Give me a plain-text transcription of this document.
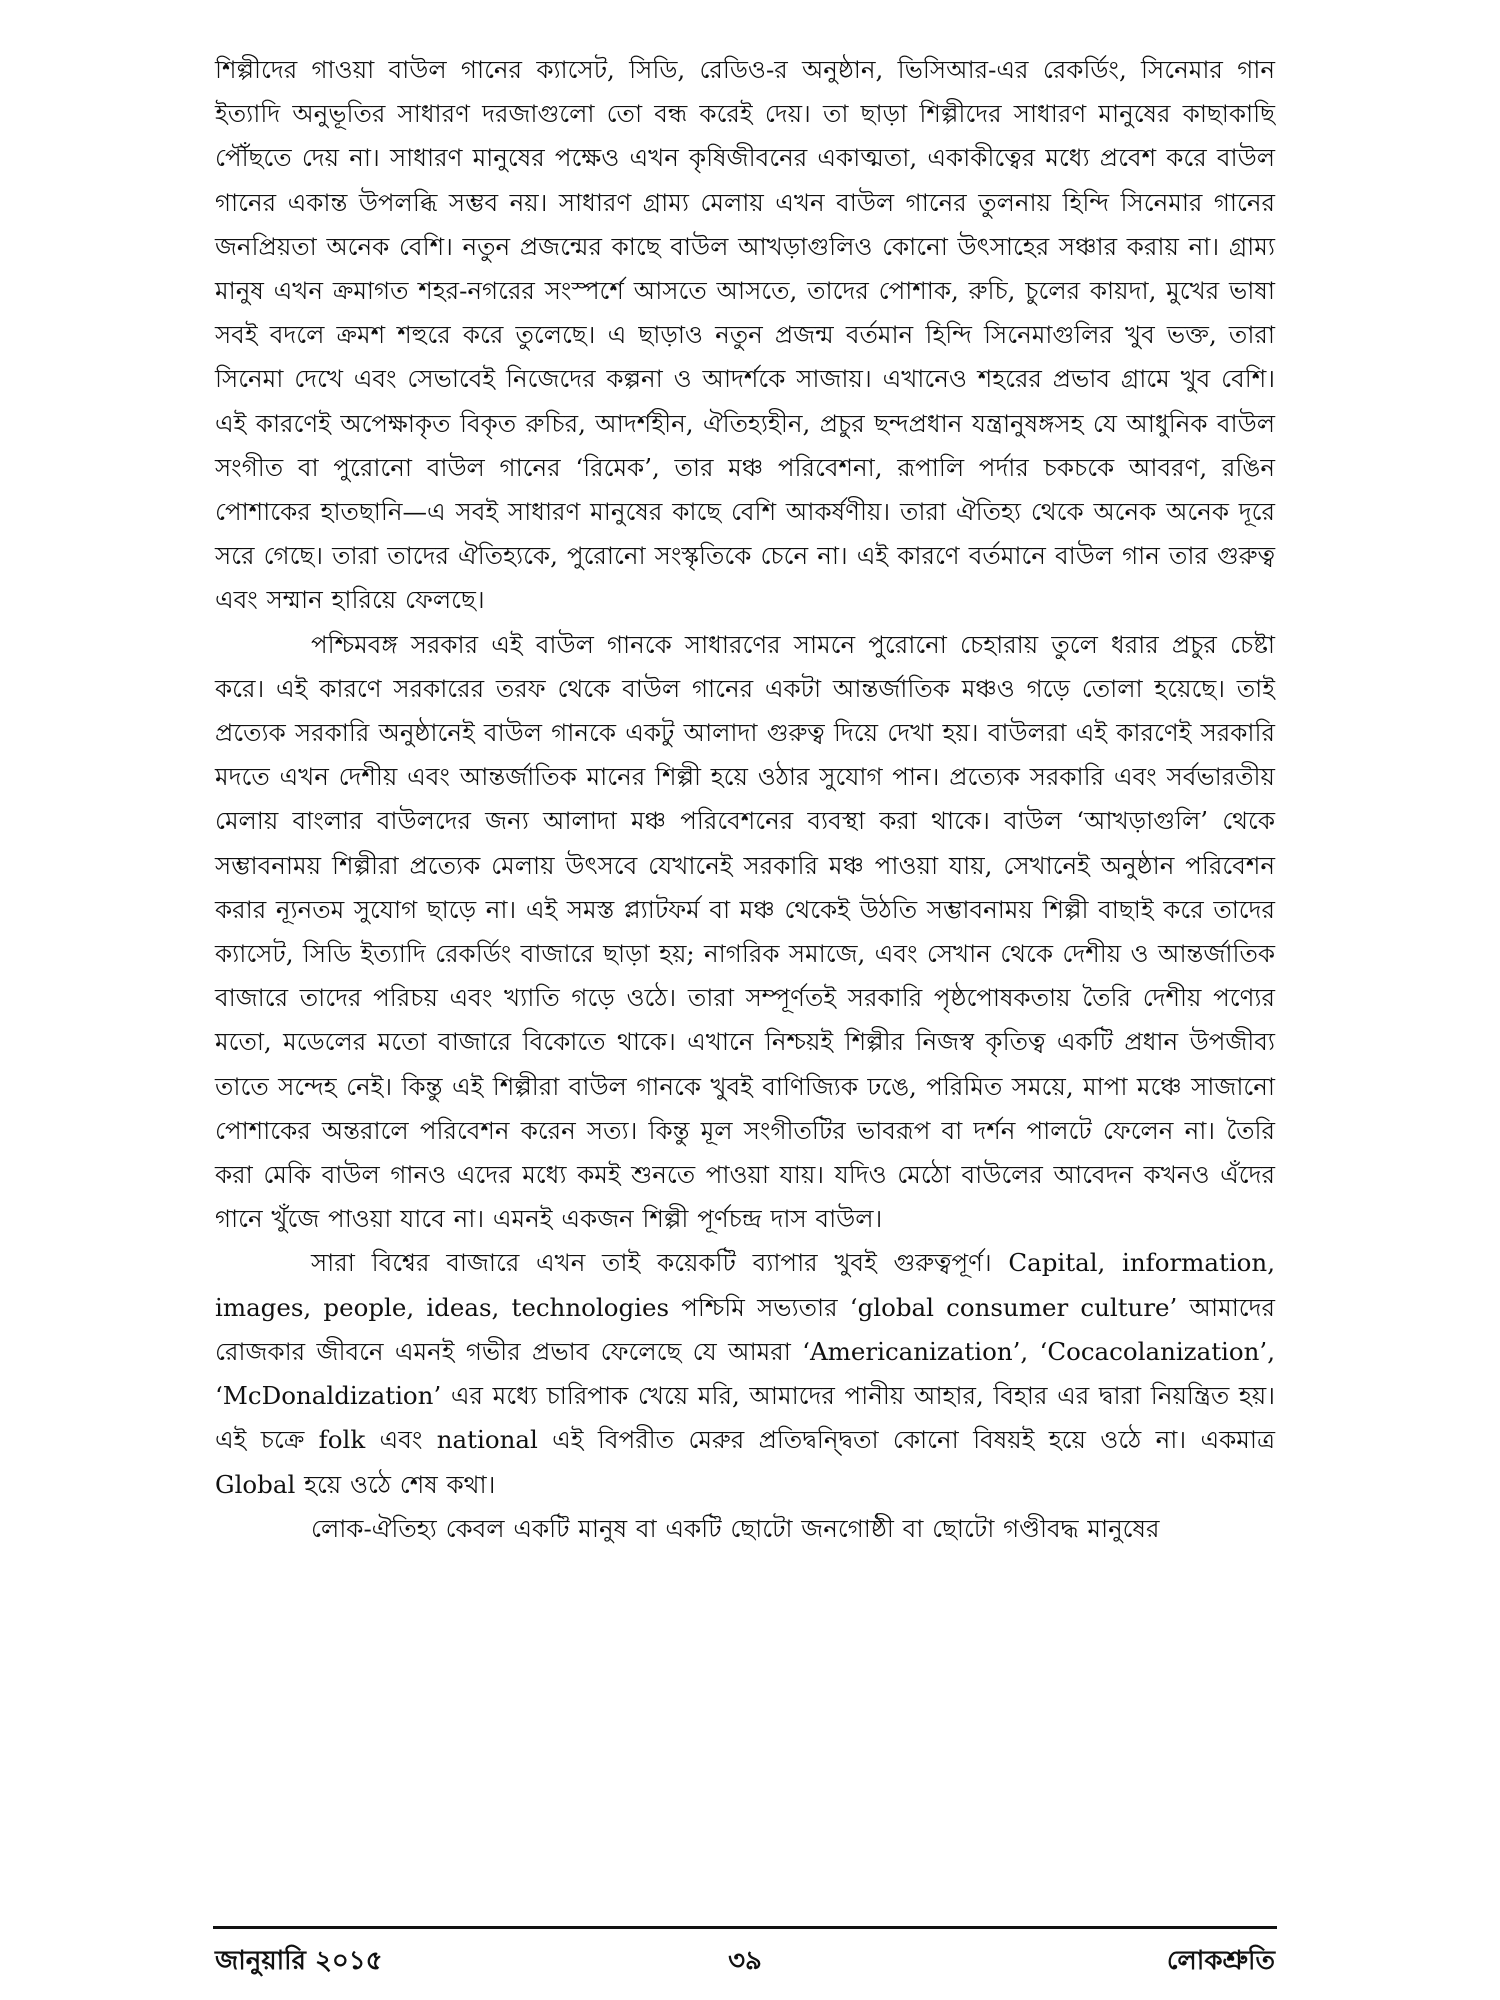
শিল্পীদের গাওয়া বাউল গানের ক্যাসেট, সিডি, রেডিও-র অনুষ্ঠান, ভিসিআর-এর রেকর্ডিং, সিনেমার গান ইত্যাদি অনুভূতির সাধারণ দরজাগুলো তো বন্ধ করেই দেয়। তা ছাড়া শিল্পীদের সাধারণ মানুষের কাছাকাছি পৌঁছতে দেয় না। সাধারণ মানুষের পক্ষেও এখন কৃষিজীবনের একাত্মতা, একাকীত্বের মধ্যে প্রবেশ করে বাউল গানের একান্ত উপলব্ধি সম্ভব নয়। সাধারণ গ্রাম্য মেলায় এখন বাউল গানের তুলনায় হিন্দি সিনেমার গানের জনপ্রিয়তা অনেক বেশি। নতুন প্রজন্মের কাছে বাউল আখড়াগুলিও কোনো উৎসাহের সঞ্চার করায় না। গ্রাম্য মানুষ এখন ক্রমাগত শহর-নগরের সংস্পর্শে আসতে আসতে, তাদের পোশাক, রুচি, চুলের কায়দা, মুখের ভাষা সবই বদলে ক্রমশ শহুরে করে তুলেছে। এ ছাড়াও নতুন প্রজন্ম বর্তমান হিন্দি সিনেমাগুলির খুব ভক্ত, তারা সিনেমা দেখে এবং সেভাবেই নিজেদের কল্পনা ও আদর্শকে সাজায়। এখানেও শহরের প্রভাব গ্রামে খুব বেশি। এই কারণেই অপেক্ষাকৃত বিকৃত রুচির, আদর্শহীন, ঐতিহ্যহীন, প্রচুর ছন্দপ্রধান যন্ত্রানুষঙ্গসহ যে আধুনিক বাউল সংগীত বা পুরোনো বাউল গানের ‘রিমেক’, তার মঞ্চ পরিবেশনা, রূপালি পর্দার চকচকে আবরণ, রঙিন পোশাকের হাতছানি—এ সবই সাধারণ মানুষের কাছে বেশি আকর্ষণীয়। তারা ঐতিহ্য থেকে অনেক অনেক দূরে সরে গেছে। তারা তাদের ঐতিহ্যকে, পুরোনো সংস্কৃতিকে চেনে না। এই কারণে বর্তমানে বাউল গান তার গুরুত্ব এবং সম্মান হারিয়ে ফেলছে।

পশ্চিমবঙ্গ সরকার এই বাউল গানকে সাধারণের সামনে পুরোনো চেহারায় তুলে ধরার প্রচুর চেষ্টা করে। এই কারণে সরকারের তরফ থেকে বাউল গানের একটা আন্তর্জাতিক মঞ্চও গড়ে তোলা হয়েছে। তাই প্রত্যেক সরকারি অনুষ্ঠানেই বাউল গানকে একটু আলাদা গুরুত্ব দিয়ে দেখা হয়। বাউলরা এই কারণেই সরকারি মদতে এখন দেশীয় এবং আন্তর্জাতিক মানের শিল্পী হয়ে ওঠার সুযোগ পান। প্রত্যেক সরকারি এবং সর্বভারতীয় মেলায় বাংলার বাউলদের জন্য আলাদা মঞ্চ পরিবেশনের ব্যবস্থা করা থাকে। বাউল ‘আখড়াগুলি’ থেকে সম্ভাবনাময় শিল্পীরা প্রত্যেক মেলায় উৎসবে যেখানেই সরকারি মঞ্চ পাওয়া যায়, সেখানেই অনুষ্ঠান পরিবেশন করার ন্যূনতম সুযোগ ছাড়ে না। এই সমস্ত প্ল্যাটফর্ম বা মঞ্চ থেকেই উঠতি সম্ভাবনাময় শিল্পী বাছাই করে তাদের ক্যাসেট, সিডি ইত্যাদি রেকর্ডিং বাজারে ছাড়া হয়; নাগরিক সমাজে, এবং সেখান থেকে দেশীয় ও আন্তর্জাতিক বাজারে তাদের পরিচয় এবং খ্যাতি গড়ে ওঠে। তারা সম্পূর্ণতই সরকারি পৃষ্ঠপোষকতায় তৈরি দেশীয় পণ্যের মতো, মডেলের মতো বাজারে বিকোতে থাকে। এখানে নিশ্চয়ই শিল্পীর নিজস্ব কৃতিত্ব একটি প্রধান উপজীব্য তাতে সন্দেহ নেই। কিন্তু এই শিল্পীরা বাউল গানকে খুবই বাণিজ্যিক ঢঙে, পরিমিত সময়ে, মাপা মঞ্চে সাজানো পোশাকের অন্তরালে পরিবেশন করেন সত্য। কিন্তু মূল সংগীতটির ভাবরূপ বা দর্শন পালটে ফেলেন না। তৈরি করা মেকি বাউল গানও এদের মধ্যে কমই শুনতে পাওয়া যায়। যদিও মেঠো বাউলের আবেদন কখনও এঁদের গানে খুঁজে পাওয়া যাবে না। এমনই একজন শিল্পী পূর্ণচন্দ্র দাস বাউল।

সারা বিশ্বের বাজারে এখন তাই কয়েকটি ব্যাপার খুবই গুরুত্বপূর্ণ। Capital, information, images, people, ideas, technologies পশ্চিমি সভ্যতার ‘global consumer culture’ আমাদের রোজকার জীবনে এমনই গভীর প্রভাব ফেলেছে যে আমরা ‘Americanization’, ‘Cocacolanization’, ‘McDonaldization’ এর মধ্যে চারিপাক খেয়ে মরি, আমাদের পানীয় আহার, বিহার এর দ্বারা নিয়ন্ত্রিত হয়। এই চক্রে folk এবং national এই বিপরীত মেরুর প্রতিদ্বন্দ্বিতা কোনো বিষয়ই হয়ে ওঠে না। একমাত্র Global হয়ে ওঠে শেষ কথা।

লোক-ঐতিহ্য কেবল একটি মানুষ বা একটি ছোটো জনগোষ্ঠী বা ছোটো গণ্ডীবদ্ধ মানুষের

জানুয়ারি ২০১৫	৩৯	লোকশ্রুতি
